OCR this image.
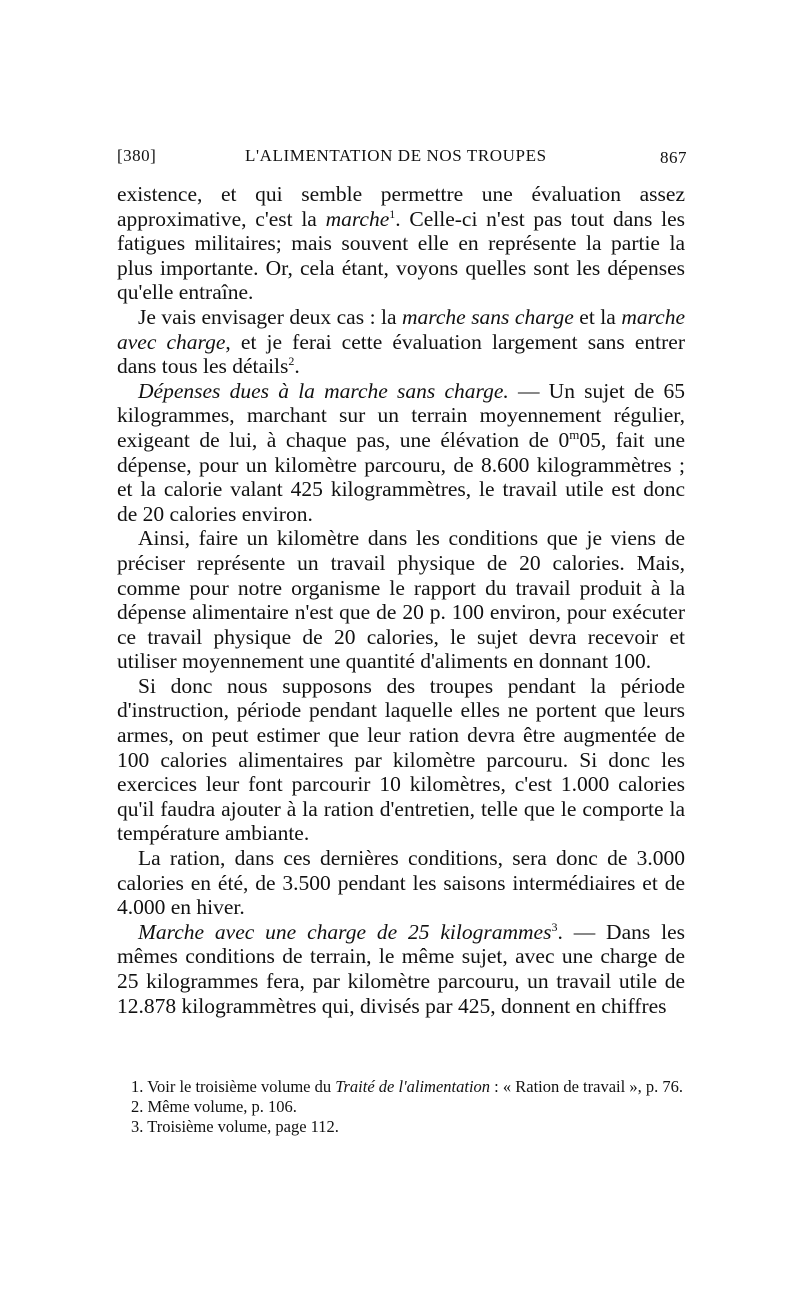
[380]	L'ALIMENTATION DE NOS TROUPES	867

existence, et qui semble permettre une évaluation assez approximative, c'est la marche$^1$. Celle-ci n'est pas tout dans les fatigues militaires; mais souvent elle en représente la partie la plus importante. Or, cela étant, voyons quelles sont les dépenses qu'elle entraîne.

Je vais envisager deux cas : la marche sans charge et la marche avec charge, et je ferai cette évaluation largement sans entrer dans tous les détails$^2$.

Dépenses dues à la marche sans charge. — Un sujet de 65 kilogrammes, marchant sur un terrain moyennement régulier, exigeant de lui, à chaque pas, une élévation de 0$^m$05, fait une dépense, pour un kilomètre parcouru, de 8.600 kilogrammètres ; et la calorie valant 425 kilogrammètres, le travail utile est donc de 20 calories environ.

Ainsi, faire un kilomètre dans les conditions que je viens de préciser représente un travail physique de 20 calories. Mais, comme pour notre organisme le rapport du travail produit à la dépense alimentaire n'est que de 20 p. 100 environ, pour exécuter ce travail physique de 20 calories, le sujet devra recevoir et utiliser moyennement une quantité d'aliments en donnant 100.

Si donc nous supposons des troupes pendant la période d'instruction, période pendant laquelle elles ne portent que leurs armes, on peut estimer que leur ration devra être augmentée de 100 calories alimentaires par kilomètre parcouru. Si donc les exercices leur font parcourir 10 kilomètres, c'est 1.000 calories qu'il faudra ajouter à la ration d'entretien, telle que le comporte la température ambiante.

La ration, dans ces dernières conditions, sera donc de 3.000 calories en été, de 3.500 pendant les saisons intermédiaires et de 4.000 en hiver.

Marche avec une charge de 25 kilogrammes$^3$. — Dans les mêmes conditions de terrain, le même sujet, avec une charge de 25 kilogrammes fera, par kilomètre parcouru, un travail utile de 12.878 kilogrammètres qui, divisés par 425, donnent en chiffres

1. Voir le troisième volume du Traité de l'alimentation : « Ration de travail », p. 76.

2. Même volume, p. 106.

3. Troisième volume, page 112.
